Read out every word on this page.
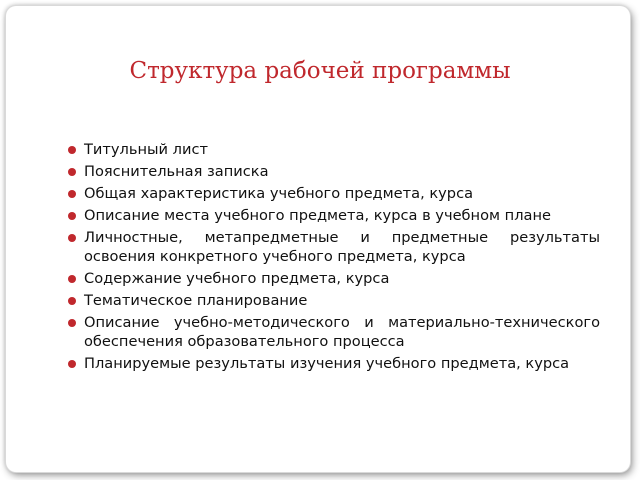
Структура рабочей программы
Титульный лист
Пояснительная записка
Общая характеристика учебного предмета, курса
Описание места учебного предмета, курса в учебном плане
Личностные, метапредметные и предметные результаты освоения конкретного учебного предмета, курса
Содержание учебного предмета, курса
Тематическое планирование
Описание учебно-методического и материально-технического обеспечения образовательного процесса
Планируемые результаты изучения учебного предмета, курса
